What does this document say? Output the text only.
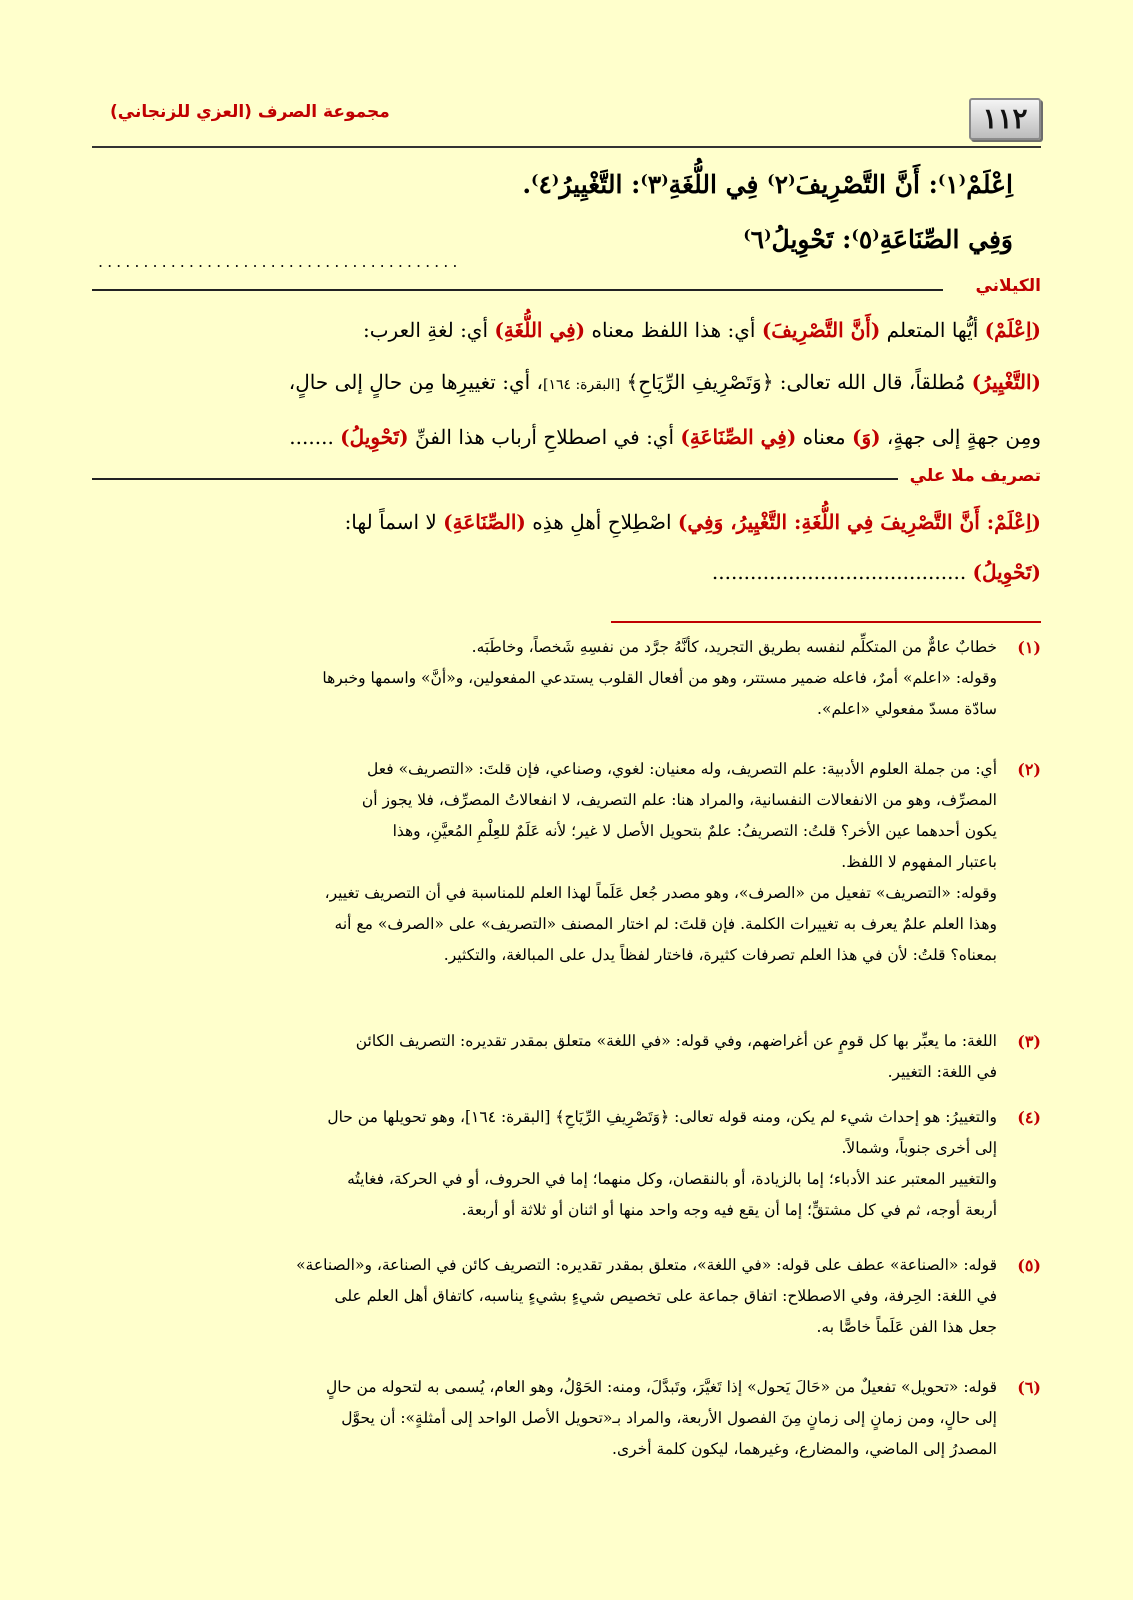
١١٢
مجموعة الصرف (العزي للزنجاني)
اِعْلَمْ⁽١⁾: أَنَّ التَّصْرِيفَ⁽٢⁾ فِي اللُّغَةِ⁽٣⁾: التَّغْيِيرُ⁽٤⁾.
وَفِي الصِّنَاعَةِ⁽٥⁾: تَحْوِيلُ⁽٦⁾
........................................
الكيلاني
(اِعْلَمْ) أيُّها المتعلم (أَنَّ التَّصْرِيفَ) أي: هذا اللفظ معناه (فِي اللُّغَةِ) أي: لغةِ العرب:
(التَّغْيِيرُ) مُطلقاً، قال الله تعالى: ﴿وَتَصْرِيفِ الرِّيَاحِ﴾ [البقرة: ١٦٤]، أي: تغييرِها مِن حالٍ إلى حالٍ،
ومِن جهةٍ إلى جهةٍ، (وَ) معناه (فِي الصِّنَاعَةِ) أي: في اصطلاحِ أرباب هذا الفنِّ (تَحْوِيلُ) .......
تصريف ملا علي
(اِعْلَمْ: أَنَّ التَّصْرِيفَ فِي اللُّغَةِ: التَّغْيِيرُ، وَفِي) اصْطِلاحِ أهلِ هذِه (الصِّنَاعَةِ) لا اسماً لها:
(تَحْوِيلُ) ........................................
(١)
خطابٌ عامٌّ من المتكلِّم لنفسه بطريق التجريد، كأنَّهُ جرَّد من نفسِهِ شَخصاً، وخاطَبَه.
وقوله: «اعلم» أمرٌ، فاعله ضمير مستتر، وهو من أفعال القلوب يستدعي المفعولين، و«أنَّ» واسمها وخبرها
سادّة مسدّ مفعولي «اعلم».
(٢)
أي: من جملة العلوم الأدبية: علم التصريف، وله معنيان: لغوي، وصناعي، فإن قلتَ: «التصريف» فعل
المصرِّف، وهو من الانفعالات النفسانية، والمراد هنا: علم التصريف، لا انفعالاتُ المصرِّف، فلا يجوز أن
يكون أحدهما عين الأخر؟ قلتُ: التصريفُ: علمٌ بتحويل الأصل لا غير؛ لأنه عَلَمٌ للعِلْمِ المُعيَّنِ، وهذا
باعتبار المفهوم لا اللفظ.
وقوله: «التصريف» تفعيل من «الصرف»، وهو مصدر جُعل عَلَماً لهذا العلم للمناسبة في أن التصريف تغيير،
وهذا العلم علمٌ يعرف به تغييرات الكلمة. فإن قلتَ: لم اختار المصنف «التصريف» على «الصرف» مع أنه
بمعناه؟ قلتُ: لأن في هذا العلم تصرفات كثيرة، فاختار لفظاً يدل على المبالغة، والتكثير.
(٣)
اللغة: ما يعبِّر بها كل قومٍ عن أغراضهم، وفي قوله: «في اللغة» متعلق بمقدر تقديره: التصريف الكائن
في اللغة: التغيير.
(٤)
والتغييرُ: هو إحداث شيء لم يكن، ومنه قوله تعالى: ﴿وَتَصْرِيفِ الرِّيَاحِ﴾ [البقرة: ١٦٤]، وهو تحويلها من حال
إلى أخرى جنوباً، وشمالاً.
والتغيير المعتبر عند الأدباء؛ إما بالزيادة، أو بالنقصان، وكل منهما؛ إما في الحروف، أو في الحركة، فغايتُه
أربعة أوجه، ثم في كل مشتقٍّ؛ إما أن يقع فيه وجه واحد منها أو اثنان أو ثلاثة أو أربعة.
(٥)
قوله: «الصناعة» عطف على قوله: «في اللغة»، متعلق بمقدر تقديره: التصريف كائن في الصناعة، و«الصناعة»
في اللغة: الحِرفة، وفي الاصطلاح: اتفاق جماعة على تخصيص شيءٍ بشيءٍ يناسبه، كاتفاق أهل العلم على
جعل هذا الفن عَلَماً خاصًّا به.
(٦)
قوله: «تحويل» تفعيلٌ من «حَالَ يَحول» إذا تَغيَّرَ، وتَبدَّلَ، ومنه: الحَوْلُ، وهو العام، يُسمى به لتحوله من حالٍ
إلى حالٍ، ومن زمانٍ إلى زمانٍ مِنَ الفصول الأربعة، والمراد بـ«تحويل الأصل الواحد إلى أمثلةٍ»: أن يحوَّل
المصدرُ إلى الماضي، والمضارع، وغيرهما، ليكون كلمة أخرى.
